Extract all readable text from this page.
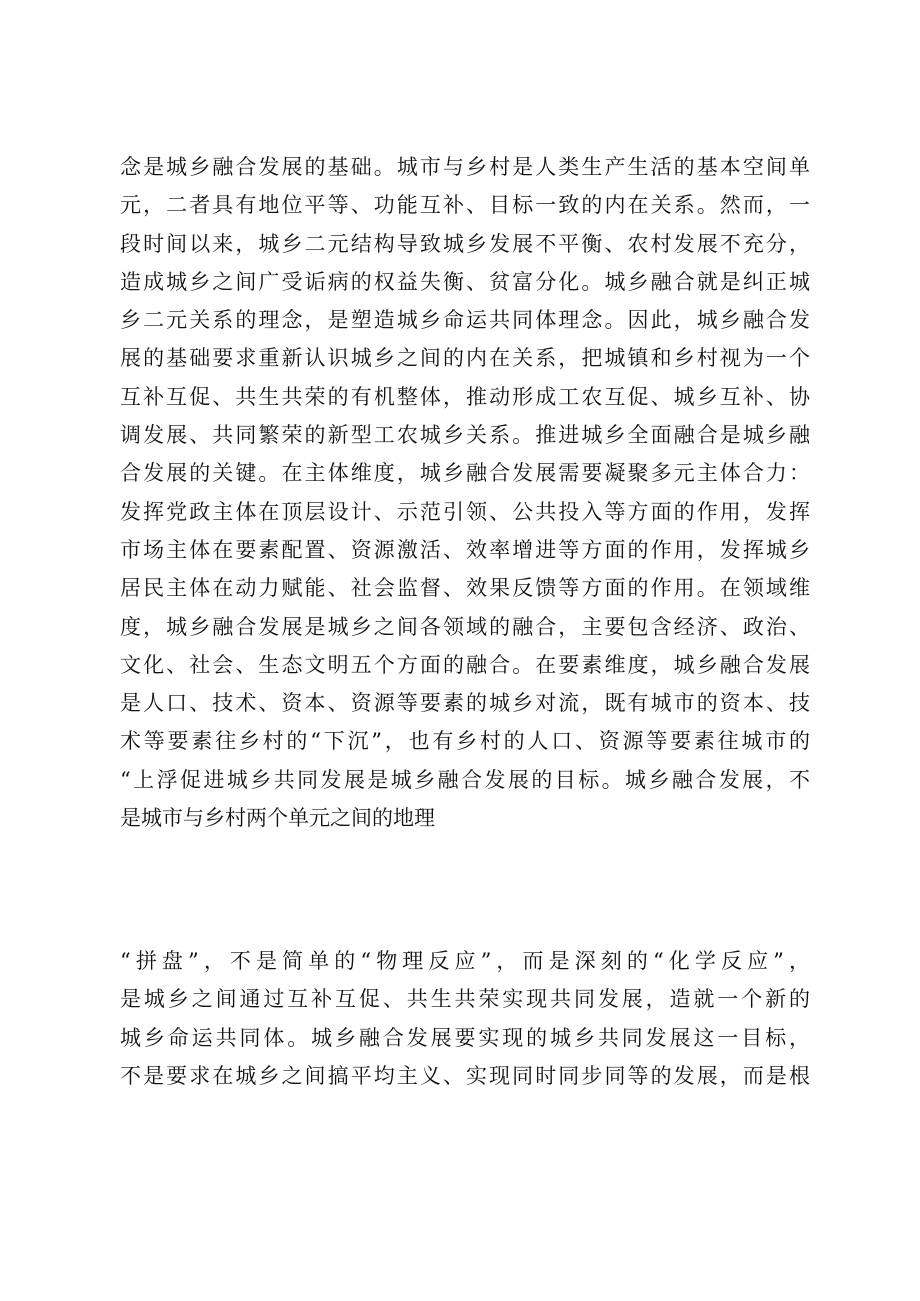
念是城乡融合发展的基础。城市与乡村是人类生产生活的基本空间单
元，二者具有地位平等、功能互补、目标一致的内在关系。然而，一
段时间以来，城乡二元结构导致城乡发展不平衡、农村发展不充分，
造成城乡之间广受诟病的权益失衡、贫富分化。城乡融合就是纠正城
乡二元关系的理念，是塑造城乡命运共同体理念。因此，城乡融合发
展的基础要求重新认识城乡之间的内在关系，把城镇和乡村视为一个
互补互促、共生共荣的有机整体，推动形成工农互促、城乡互补、协
调发展、共同繁荣的新型工农城乡关系。推进城乡全面融合是城乡融
合发展的关键。在主体维度，城乡融合发展需要凝聚多元主体合力：
发挥党政主体在顶层设计、示范引领、公共投入等方面的作用，发挥
市场主体在要素配置、资源激活、效率增进等方面的作用，发挥城乡
居民主体在动力赋能、社会监督、效果反馈等方面的作用。在领域维
度，城乡融合发展是城乡之间各领域的融合，主要包含经济、政治、
文化、社会、生态文明五个方面的融合。在要素维度，城乡融合发展
是人口、技术、资本、资源等要素的城乡对流，既有城市的资本、技
术等要素往乡村的“下沉”，也有乡村的人口、资源等要素往城市的
“上浮促进城乡共同发展是城乡融合发展的目标。城乡融合发展，不
是城市与乡村两个单元之间的地理
“拼盘”，不是简单的“物理反应”，而是深刻的“化学反应”，
是城乡之间通过互补互促、共生共荣实现共同发展，造就一个新的
城乡命运共同体。城乡融合发展要实现的城乡共同发展这一目标，
不是要求在城乡之间搞平均主义、实现同时同步同等的发展，而是根
